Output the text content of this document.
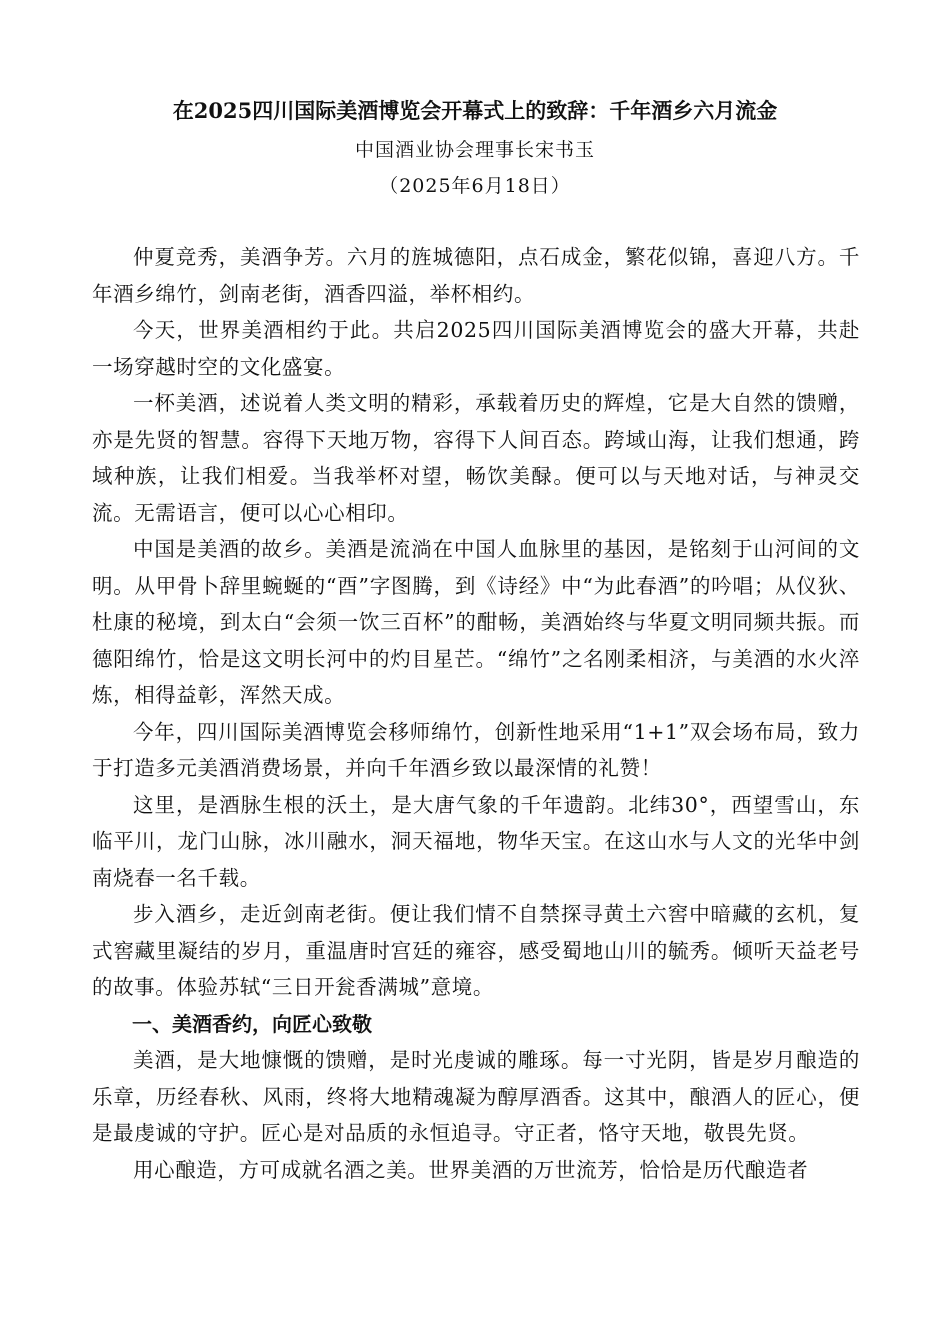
在2025四川国际美酒博览会开幕式上的致辞：千年酒乡六月流金
中国酒业协会理事长宋书玉
（2025年6月18日）

仲夏竞秀，美酒争芳。六月的旌城德阳，点石成金，繁花似锦，喜迎八方。千年酒乡绵竹，剑南老街，酒香四溢，举杯相约。

今天，世界美酒相约于此。共启2025四川国际美酒博览会的盛大开幕，共赴一场穿越时空的文化盛宴。

一杯美酒，述说着人类文明的精彩，承载着历史的辉煌，它是大自然的馈赠，亦是先贤的智慧。容得下天地万物，容得下人间百态。跨域山海，让我们想通，跨域种族，让我们相爱。当我举杯对望，畅饮美醁。便可以与天地对话，与神灵交流。无需语言，便可以心心相印。

中国是美酒的故乡。美酒是流淌在中国人血脉里的基因，是铭刻于山河间的文明。从甲骨卜辞里蜿蜒的“酉”字图腾，到《诗经》中“为此春酒”的吟唱；从仪狄、杜康的秘境，到太白“会须一饮三百杯”的酣畅，美酒始终与华夏文明同频共振。而德阳绵竹，恰是这文明长河中的灼目星芒。“绵竹”之名刚柔相济，与美酒的水火淬炼，相得益彰，浑然天成。

今年，四川国际美酒博览会移师绵竹，创新性地采用“1+1”双会场布局，致力于打造多元美酒消费场景，并向千年酒乡致以最深情的礼赞！

这里，是酒脉生根的沃土，是大唐气象的千年遗韵。北纬30°，西望雪山，东临平川，龙门山脉，冰川融水，洞天福地，物华天宝。在这山水与人文的光华中剑南烧春一名千载。

步入酒乡，走近剑南老街。便让我们情不自禁探寻黄土六窖中暗藏的玄机，复式窖藏里凝结的岁月，重温唐时宫廷的雍容，感受蜀地山川的毓秀。倾听天益老号的故事。体验苏轼“三日开瓮香满城”意境。

一、美酒香约，向匠心致敬

美酒，是大地慷慨的馈赠，是时光虔诚的雕琢。每一寸光阴，皆是岁月酿造的乐章，历经春秋、风雨，终将大地精魂凝为醇厚酒香。这其中，酿酒人的匠心，便是最虔诚的守护。匠心是对品质的永恒追寻。守正者，恪守天地，敬畏先贤。

用心酿造，方可成就名酒之美。世界美酒的万世流芳，恰恰是历代酿造者
